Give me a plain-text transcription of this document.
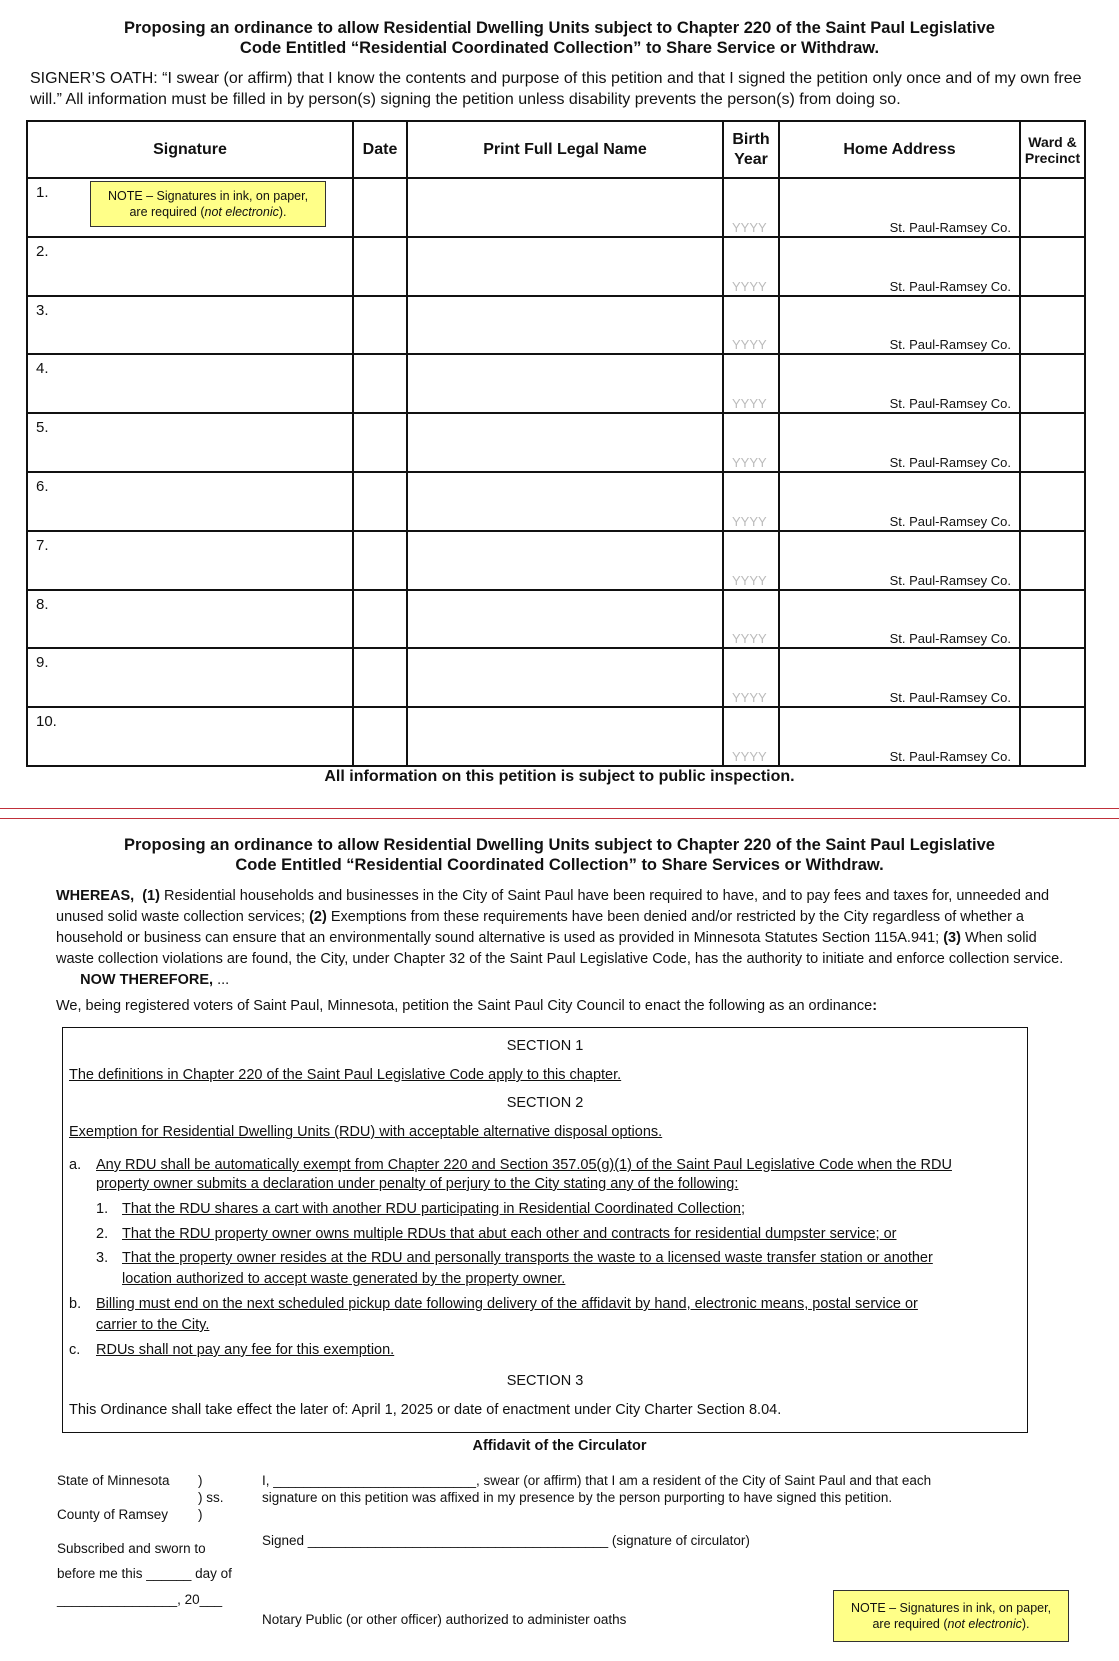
Proposing an ordinance to allow Residential Dwelling Units subject to Chapter 220 of the Saint Paul Legislative
Code Entitled “Residential Coordinated Collection” to Share Service or Withdraw.
SIGNER’S OATH: “I swear (or affirm) that I know the contents and purpose of this petition and that I signed the petition only once and of my own free will.” All information must be filled in by person(s) signing the petition unless disability prevents the person(s) from doing so.
Signature	Date	Print Full Legal Name	Birth Year	Home Address	Ward & Precinct

1. NOTE – Signatures in ink, on paper,
are required (not electronic).			YYYY	St. Paul-Ramsey Co.	

2.			YYYY	St. Paul-Ramsey Co.	

3.			YYYY	St. Paul-Ramsey Co.	

4.			YYYY	St. Paul-Ramsey Co.	

5.			YYYY	St. Paul-Ramsey Co.	

6.			YYYY	St. Paul-Ramsey Co.	

7.			YYYY	St. Paul-Ramsey Co.	

8.			YYYY	St. Paul-Ramsey Co.	

9.			YYYY	St. Paul-Ramsey Co.	

10.			YYYY	St. Paul-Ramsey Co.	

All information on this petition is subject to public inspection.
Proposing an ordinance to allow Residential Dwelling Units subject to Chapter 220 of the Saint Paul Legislative
Code Entitled “Residential Coordinated Collection” to Share Services or Withdraw.
WHEREAS, (1) Residential households and businesses in the City of Saint Paul have been required to have, and to pay fees and taxes for, unneeded and unused solid waste collection services; (2) Exemptions from these requirements have been denied and/or restricted by the City regardless of whether a household or business can ensure that an environmentally sound alternative is used as provided in Minnesota Statutes Section 115A.941; (3) When solid waste collection violations are found, the City, under Chapter 32 of the Saint Paul Legislative Code, has the authority to initiate and enforce collection service.       NOW THEREFORE, ...
We, being registered voters of Saint Paul, Minnesota, petition the Saint Paul City Council to enact the following as an ordinance:
SECTION 1
The definitions in Chapter 220 of the Saint Paul Legislative Code apply to this chapter.
SECTION 2
Exemption for Residential Dwelling Units (RDU) with acceptable alternative disposal options.
a. Any RDU shall be automatically exempt from Chapter 220 and Section 357.05(g)(1) of the Saint Paul Legislative Code when the RDU
property owner submits a declaration under penalty of perjury to the City stating any of the following:
1. That the RDU shares a cart with another RDU participating in Residential Coordinated Collection;
2. That the RDU property owner owns multiple RDUs that abut each other and contracts for residential dumpster service; or
3. That the property owner resides at the RDU and personally transports the waste to a licensed waste transfer station or another
location authorized to accept waste generated by the property owner.
b. Billing must end on the next scheduled pickup date following delivery of the affidavit by hand, electronic means, postal service or
carrier to the City.
c. RDUs shall not pay any fee for this exemption.
SECTION 3
This Ordinance shall take effect the later of: April 1, 2025 or date of enactment under City Charter Section 8.04.
Affidavit of the Circulator
State of Minnesota )
) ss.
County of Ramsey )
I, ___________________________, swear (or affirm) that I am a resident of the City of Saint Paul and that each
signature on this petition was affixed in my presence by the person purporting to have signed this petition.
Signed ________________________________________ (signature of circulator)
Subscribed and sworn to
before me this ______ day of
________________, 20___
Notary Public (or other officer) authorized to administer oaths
NOTE – Signatures in ink, on paper,
are required (not electronic).
